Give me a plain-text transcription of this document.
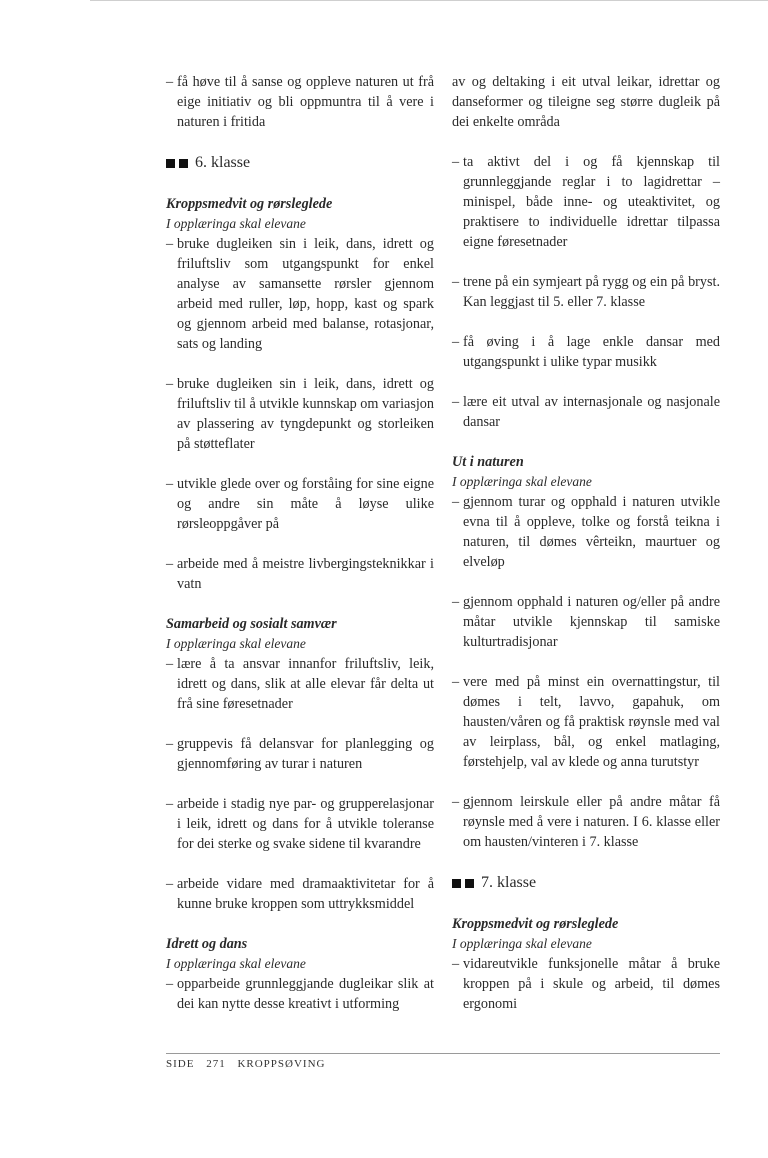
– få høve til å sanse og oppleve naturen ut frå eige initiativ og bli oppmuntra til å vere i naturen i fritida

6. klasse

Kroppsmedvit og rørsleglede

I opplæringa skal elevane

– bruke dugleiken sin i leik, dans, idrett og friluftsliv som utgangspunkt for enkel analyse av samansette rørsler gjennom arbeid med ruller, løp, hopp, kast og spark og gjennom arbeid med balanse, rotasjonar, sats og landing

– bruke dugleiken sin i leik, dans, idrett og friluftsliv til å utvikle kunnskap om variasjon av plassering av tyngdepunkt og storleiken på støtteflater

– utvikle glede over og forståing for sine eigne og andre sin måte å løyse ulike rørsleoppgåver på

– arbeide med å meistre livbergingsteknikkar i vatn

Samarbeid og sosialt samvær

I opplæringa skal elevane

– lære å ta ansvar innanfor friluftsliv, leik, idrett og dans, slik at alle elevar får delta ut frå sine føresetnader

– gruppevis få delansvar for planlegging og gjennomføring av turar i naturen

– arbeide i stadig nye par- og grupperelasjonar i leik, idrett og dans for å utvikle toleranse for dei sterke og svake sidene til kvarandre

– arbeide vidare med dramaaktivitetar for å kunne bruke kroppen som uttrykksmiddel

Idrett og dans

I opplæringa skal elevane

– opparbeide grunnleggjande dugleikar slik at dei kan nytte desse kreativt i utforming

av og deltaking i eit utval leikar, idrettar og danseformer og tileigne seg større dugleik på dei enkelte områda

– ta aktivt del i og få kjennskap til grunnleggjande reglar i to lagidrettar – minispel, både inne- og uteaktivitet, og praktisere to individuelle idrettar tilpassa eigne føresetnader

– trene på ein symjeart på rygg og ein på bryst. Kan leggjast til 5. eller 7. klasse

– få øving i å lage enkle dansar med utgangspunkt i ulike typar musikk

– lære eit utval av internasjonale og nasjonale dansar

Ut i naturen

I opplæringa skal elevane

– gjennom turar og opphald i naturen utvikle evna til å oppleve, tolke og forstå teikna i naturen, til dømes vêrteikn, maurtuer og elveløp

– gjennom opphald i naturen og/eller på andre måtar utvikle kjennskap til samiske kulturtradisjonar

– vere med på minst ein overnattingstur, til dømes i telt, lavvo, gapahuk, om hausten/våren og få praktisk røynsle med val av leirplass, bål, og enkel matlaging, førstehjelp, val av klede og anna turutstyr

– gjennom leirskule eller på andre måtar få røynsle med å vere i naturen. I 6. klasse eller om hausten/vinteren i 7. klasse

7. klasse

Kroppsmedvit og rørsleglede

I opplæringa skal elevane

– vidareutvikle funksjonelle måtar å bruke kroppen på i skule og arbeid, til dømes ergonomi

SIDE 271 KROPPSØVING
